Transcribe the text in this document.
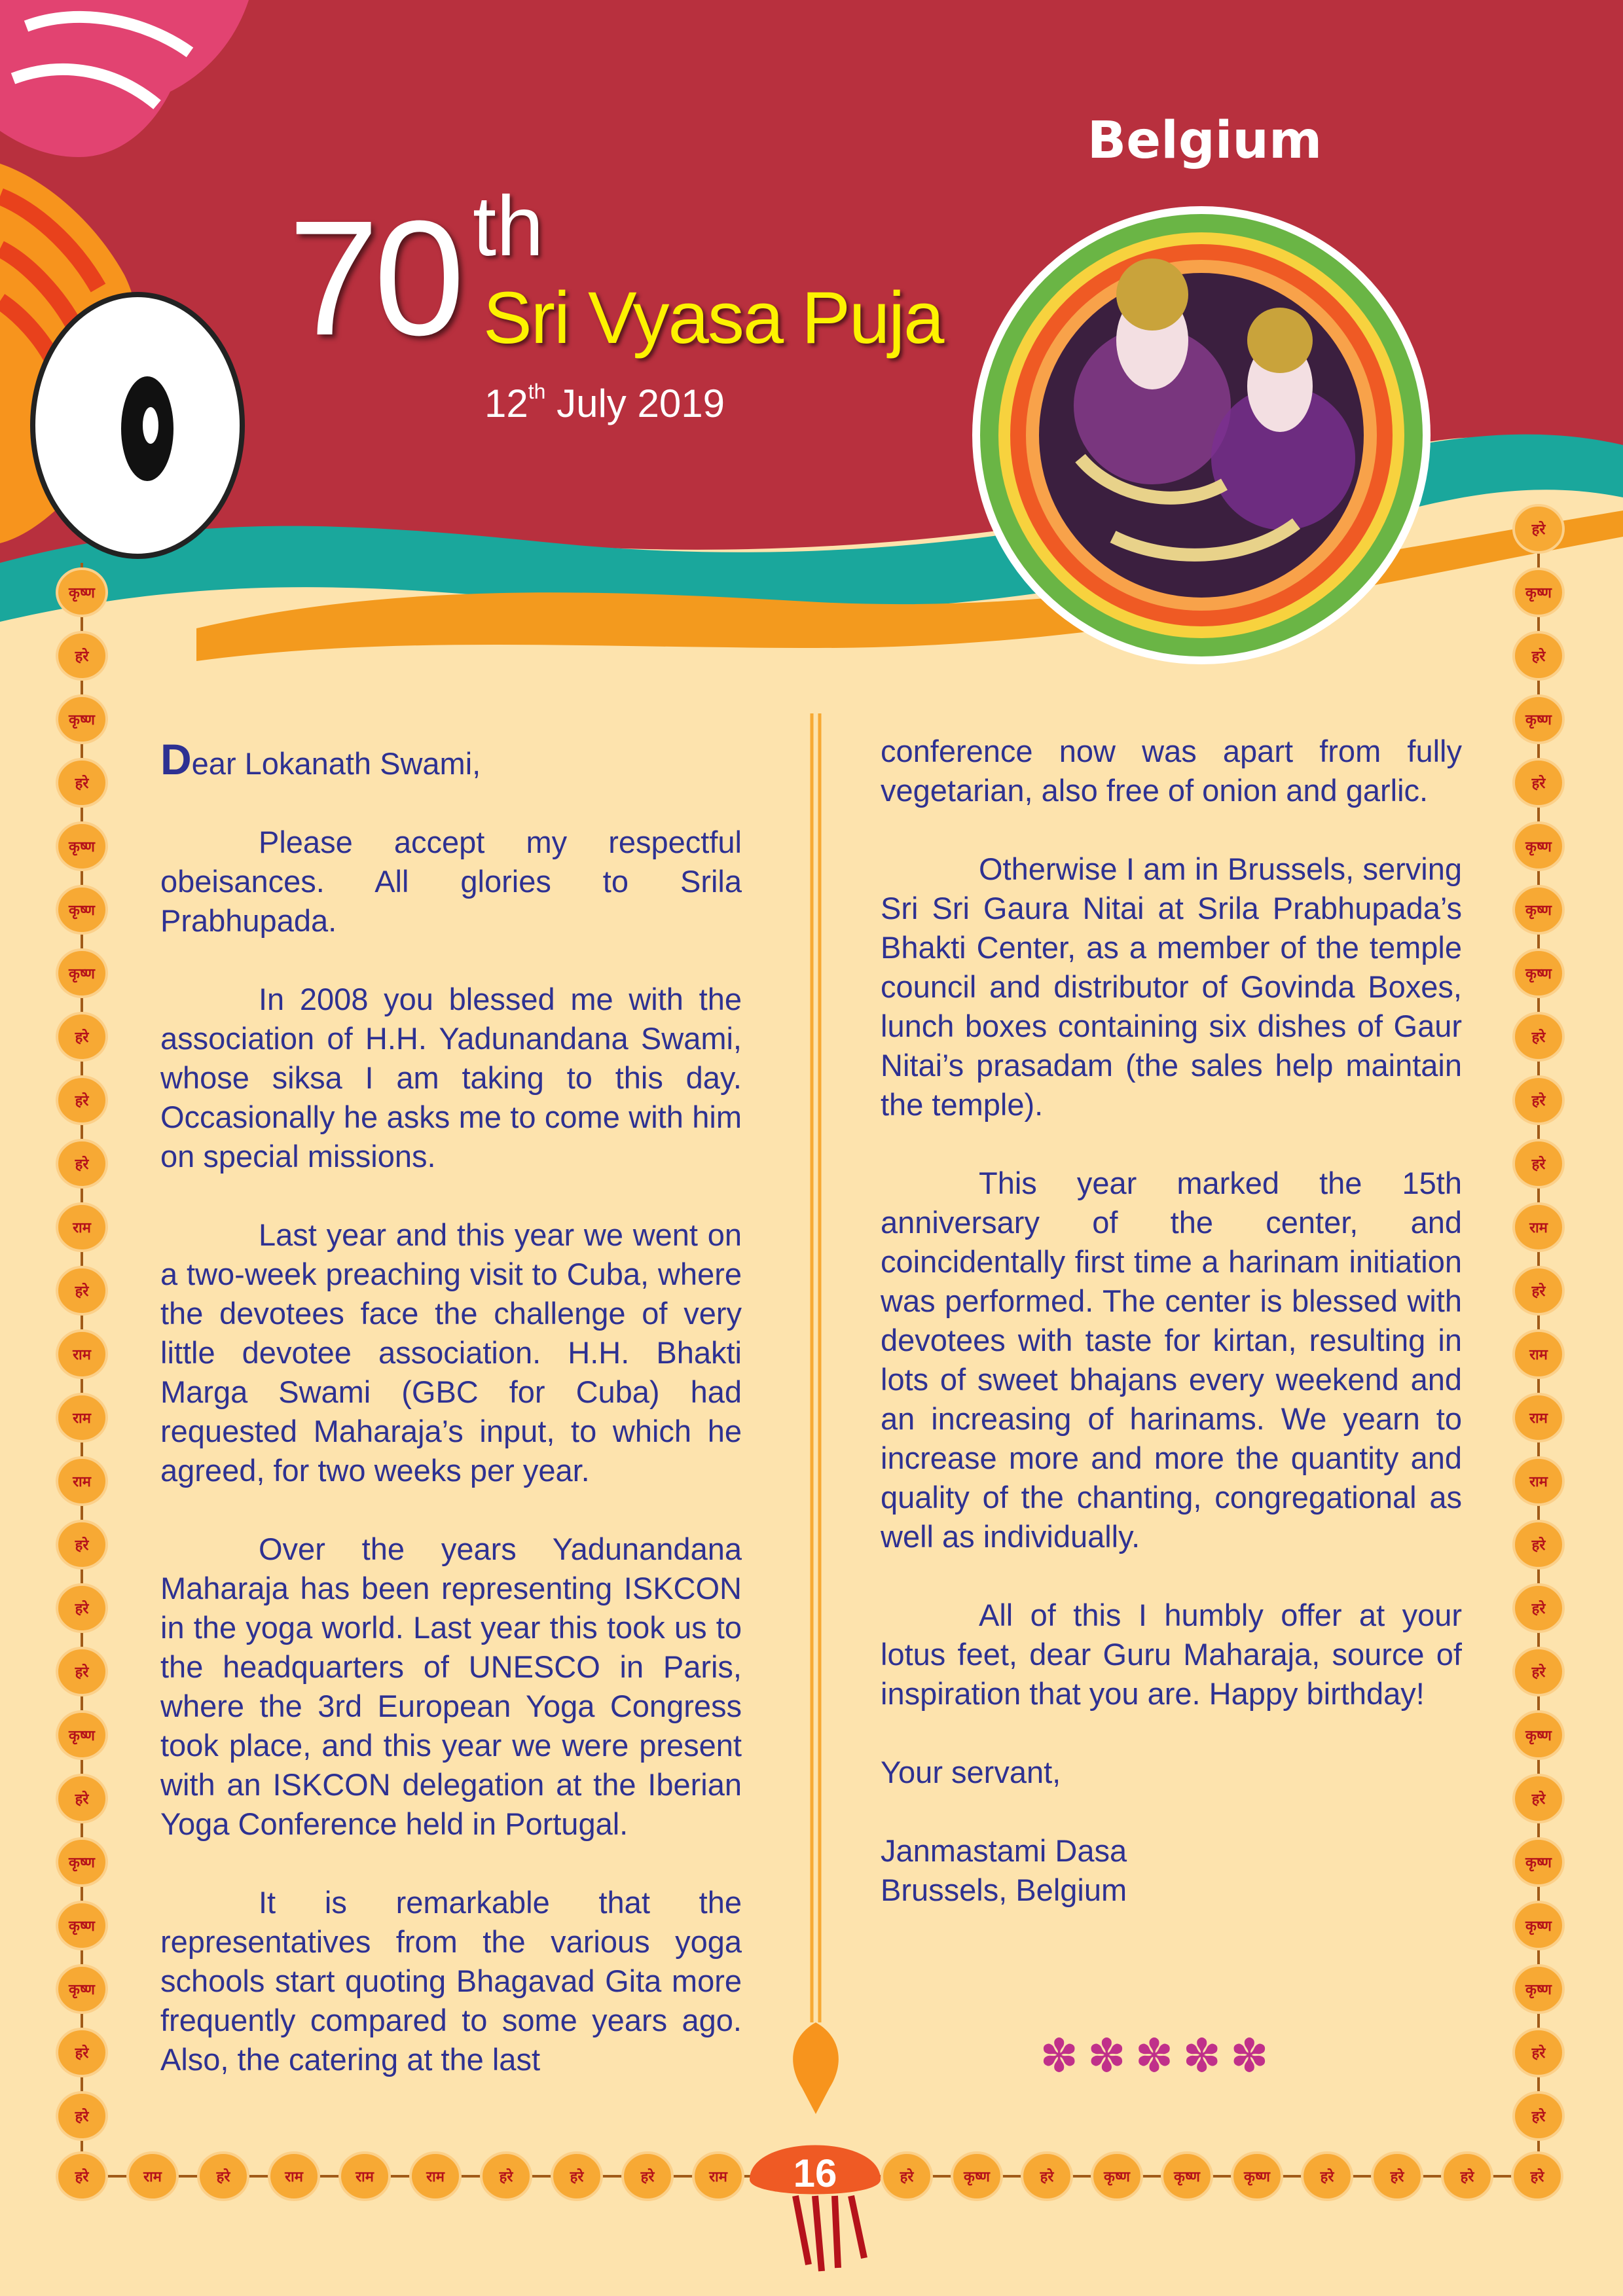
कृष्ण
हरे
कृष्ण
हरे
कृष्ण
कृष्ण
कृष्ण
हरे
हरे
हरे
राम
हरे
राम
राम
राम
हरे
हरे
हरे
कृष्ण
हरे
कृष्ण
कृष्ण
कृष्ण
हरे
हरे
हरे
कृष्ण
हरे
कृष्ण
हरे
कृष्ण
कृष्ण
कृष्ण
हरे
हरे
हरे
राम
हरे
राम
राम
राम
हरे
हरे
हरे
कृष्ण
हरे
कृष्ण
कृष्ण
कृष्ण
हरे
हरे
हरे	राम	हरे	राम	राम	राम	हरे	हरे	हरे	राम	हरे	कृष्ण	हरे	कृष्ण	कृष्ण	कृष्ण	हरे	हरे	हरे	हरे
Belgium
70 th
Sri Vyasa Puja
12th July 2019
Dear Lokanath Swami,

Please accept my respectful obeisances. All glories to Srila Prabhupada.

In 2008 you blessed me with the association of H.H. Yadunandana Swami, whose siksa I am taking to this day. Occasionally he asks me to come with him on special missions.

Last year and this year we went on a two-week preaching visit to Cuba, where the devotees face the challenge of very little devotee association. H.H. Bhakti Marga Swami (GBC for Cuba) had requested Maharaja’s input, to which he agreed, for two weeks per year.

Over the years Yadunandana Maharaja has been representing ISKCON in the yoga world. Last year this took us to the headquarters of UNESCO in Paris, where the 3rd European Yoga Congress took place, and this year we were present with an ISKCON delegation at the Iberian Yoga Conference held in Portugal.

It is remarkable that the representatives from the various yoga schools start quoting Bhagavad Gita more frequently compared to some years ago. Also, the catering at the last

conference now was apart from fully vegetarian, also free of onion and garlic.

Otherwise I am in Brussels, serving Sri Sri Gaura Nitai at Srila Prabhupada’s Bhakti Center, as a member of the temple council and distributor of Govinda Boxes, lunch boxes containing six dishes of Gaur Nitai’s prasadam (the sales help maintain the temple).

This year marked the 15th anniversary of the center, and coincidentally first time a harinam initiation was performed. The center is blessed with devotees with taste for kirtan, resulting in lots of sweet bhajans every weekend and an increasing of harinams. We yearn to increase more and more the quantity and quality of the chanting, congregational as well as individually.

All of this I humbly offer at your lotus feet, dear Guru Maharaja, source of inspiration that you are. Happy birthday!

Your servant,

Janmastami Dasa
Brussels, Belgium

✽✽✽✽✽
16
